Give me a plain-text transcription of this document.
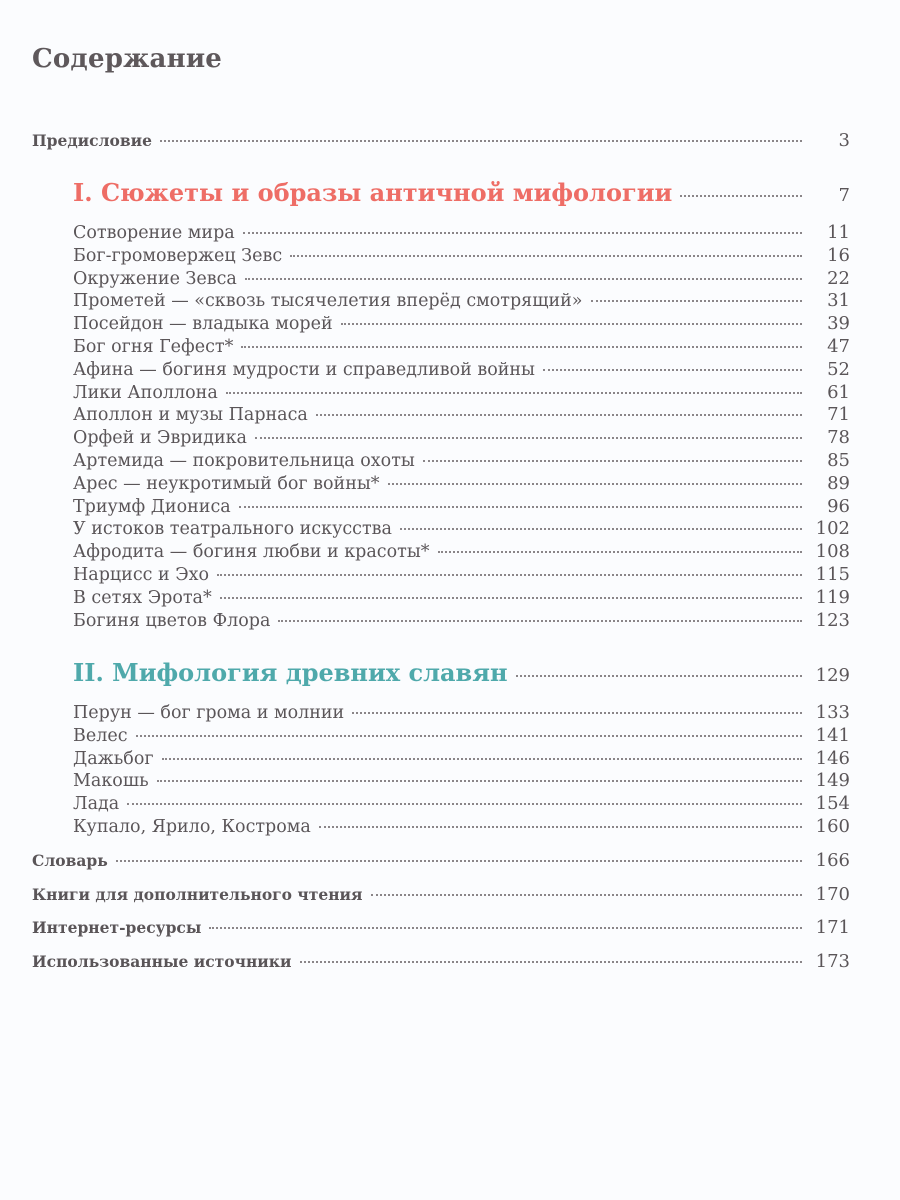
Содержание
Предисловие	3
I. Сюжеты и образы античной мифологии	7
Сотворение мира	11
Бог-громовержец Зевс	16
Окружение Зевса	22
Прометей — «сквозь тысячелетия вперёд смотрящий»	31
Посейдон — владыка морей	39
Бог огня Гефест*	47
Афина — богиня мудрости и справедливой войны	52
Лики Аполлона	61
Аполлон и музы Парнаса	71
Орфей и Эвридика	78
Артемида — покровительница охоты	85
Арес — неукротимый бог войны*	89
Триумф Диониса	96
У истоков театрального искусства	102
Афродита — богиня любви и красоты*	108
Нарцисс и Эхо	115
В сетях Эрота*	119
Богиня цветов Флора	123
II. Мифология древних славян	129
Перун — бог грома и молнии	133
Велес	141
Дажьбог	146
Макошь	149
Лада	154
Купало, Ярило, Кострома	160
Словарь	166
Книги для дополнительного чтения	170
Интернет-ресурсы	171
Использованные источники	173
